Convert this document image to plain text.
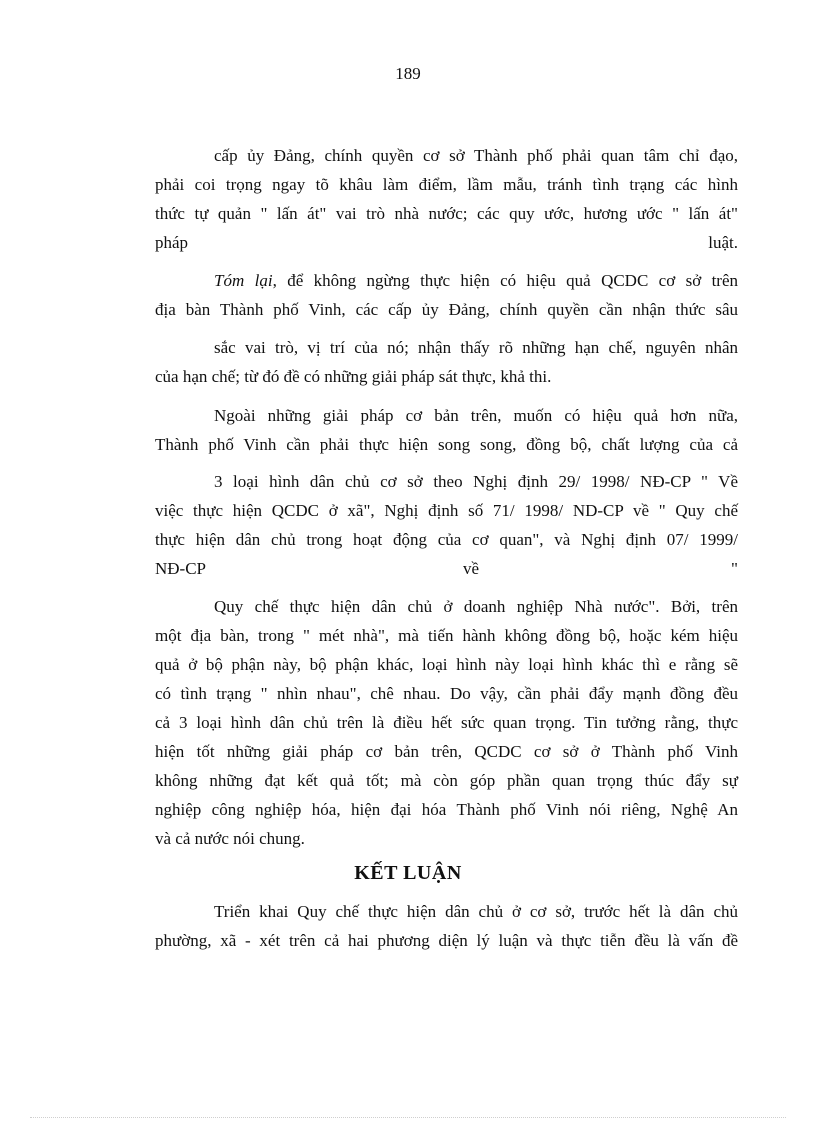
189
cấp ủy Đảng, chính quyền cơ sở Thành phố phải quan tâm chỉ đạo,
phải coi trọng ngay tõ khâu làm điểm, lầm mẫu, tránh tình trạng các hình
thức tự quản " lấn át" vai trò nhà nước; các quy ước, hương ước " lấn át"
pháp	luật.
Tóm lại, để không ngừng thực hiện có hiệu quả QCDC cơ sở trên
địa bàn Thành phố Vinh, các cấp ủy Đảng, chính quyền cần nhận thức sâu
sắc vai trò, vị trí của nó; nhận thấy rõ những hạn chế, nguyên nhân
của hạn chế; từ đó đề có những giải pháp sát thực, khả thi.
Ngoài những giải pháp cơ bản trên, muốn có hiệu quả hơn nữa,
Thành phố Vinh cần phải thực hiện song song, đồng bộ, chất lượng của cả
3 loại hình dân chủ cơ sở theo Nghị định 29/ 1998/ NĐ-CP " Về
việc thực hiện QCDC ở xã", Nghị định số 71/ 1998/ ND-CP về " Quy chế
thực hiện dân chủ trong hoạt động của cơ quan", và Nghị định 07/ 1999/
NĐ-CP	về	"
Quy chế thực hiện dân chủ ở doanh nghiệp Nhà nước". Bởi, trên
một địa bàn, trong " mét nhà", mà tiến hành không đồng bộ, hoặc kém hiệu
quả ở bộ phận này, bộ phận khác, loại hình này loại hình khác thì e rằng sẽ
có tình trạng " nhìn nhau", chê nhau. Do vậy, cần phải đẩy mạnh đồng đều
cả 3 loại hình dân chủ trên là điều hết sức quan trọng. Tin tưởng rằng, thực
hiện tốt những giải pháp cơ bản trên, QCDC cơ sở ở Thành phố Vinh
không những đạt kết quả tốt; mà còn góp phần quan trọng thúc đẩy sự
nghiệp công nghiệp hóa, hiện đại hóa Thành phố Vinh nói riêng, Nghệ An
và cả nước nói chung.
KẾT LUẬN
Triển khai Quy chế thực hiện dân chủ ở cơ sở, trước hết là dân chủ
phường, xã - xét trên cả hai phương diện lý luận và thực tiễn đều là vấn đề
